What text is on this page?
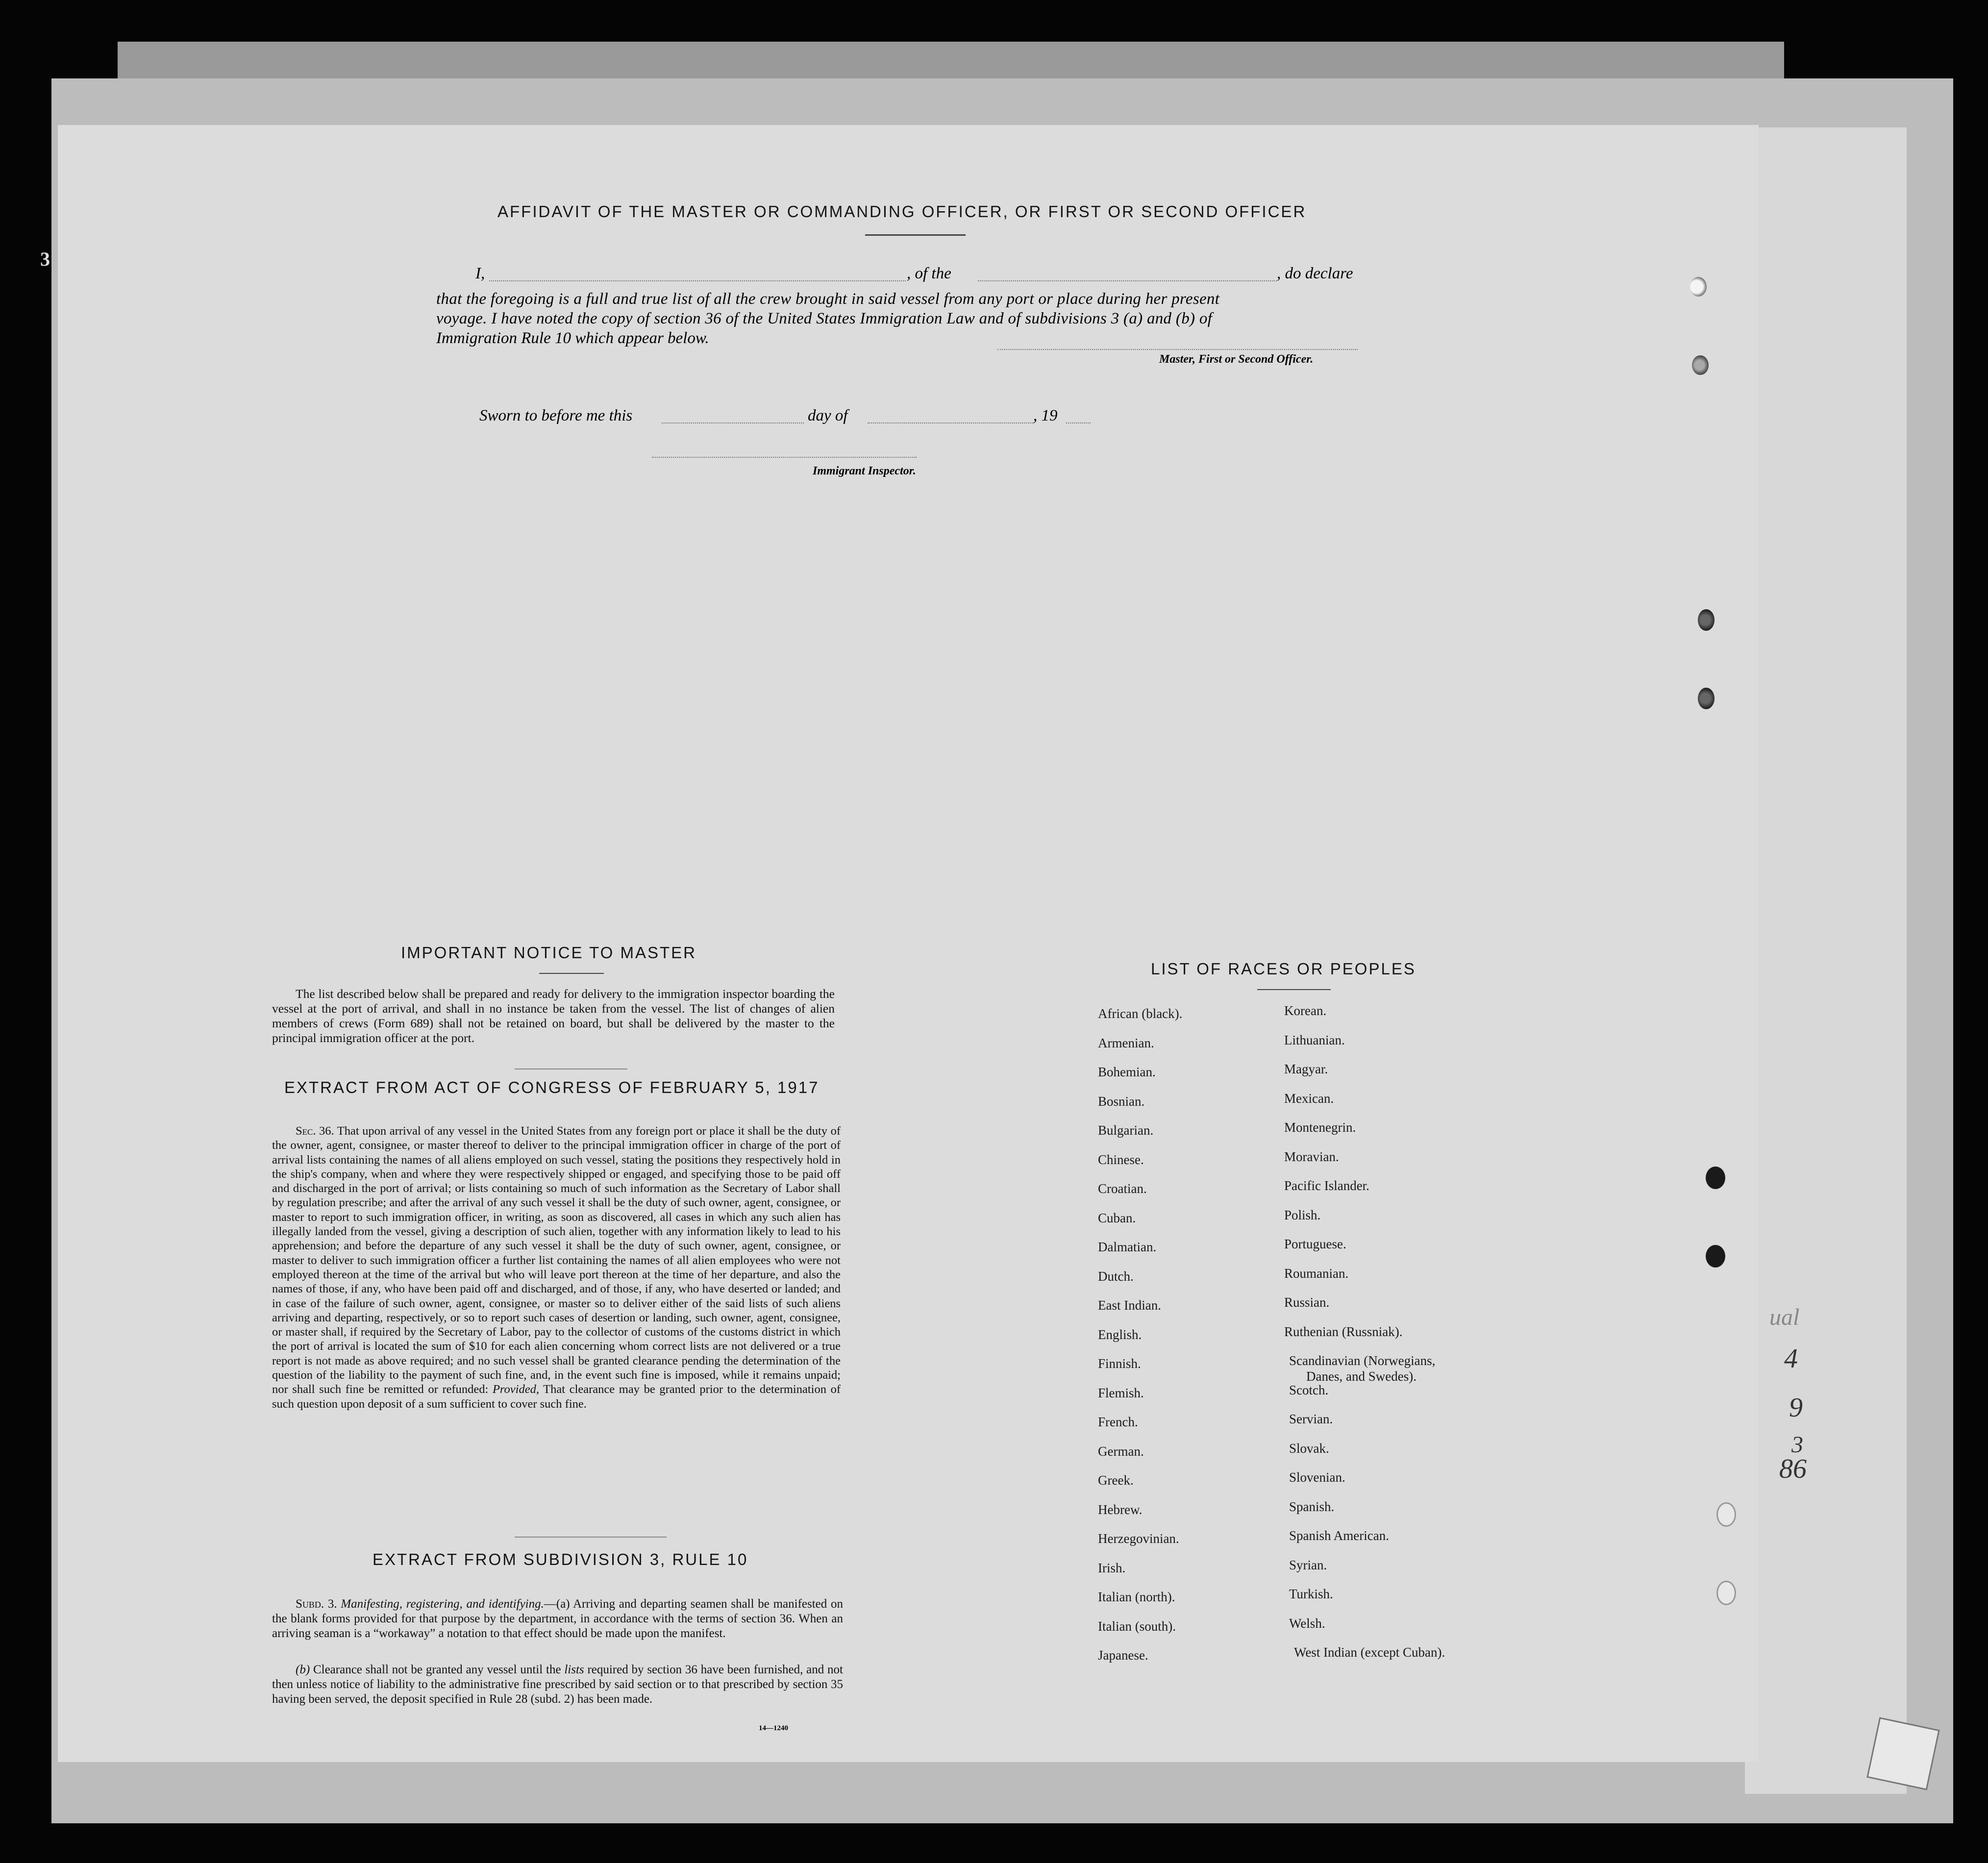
3
ual
4
9
3
86
AFFIDAVIT OF THE MASTER OR COMMANDING OFFICER, OR FIRST OR SECOND OFFICER
I,	, of the	, do declare
that the foregoing is a full and true list of all the crew brought in said vessel from any port or place during her present
voyage. I have noted the copy of section 36 of the United States Immigration Law and of subdivisions 3 (a) and (b) of
Immigration Rule 10 which appear below.
Master, First or Second Officer.
Sworn to before me this	day of	, 19
Immigrant Inspector.
IMPORTANT NOTICE TO MASTER
The list described below shall be prepared and ready for delivery to the immigration inspector boarding the vessel at the port of arrival, and shall in no instance be taken from the vessel. The list of changes of alien members of crews (Form 689) shall not be retained on board, but shall be delivered by the master to the principal immigration officer at the port.
EXTRACT FROM ACT OF CONGRESS OF FEBRUARY 5, 1917
Sec. 36. That upon arrival of any vessel in the United States from any foreign port or place it shall be the duty of the owner, agent, consignee, or master thereof to deliver to the principal immigration officer in charge of the port of arrival lists containing the names of all aliens employed on such vessel, stating the positions they respectively hold in the ship's company, when and where they were respectively shipped or engaged, and specifying those to be paid off and discharged in the port of arrival; or lists containing so much of such information as the Secretary of Labor shall by regulation prescribe; and after the arrival of any such vessel it shall be the duty of such owner, agent, consignee, or master to report to such immigration officer, in writing, as soon as discovered, all cases in which any such alien has illegally landed from the vessel, giving a description of such alien, together with any information likely to lead to his apprehension; and before the departure of any such vessel it shall be the duty of such owner, agent, consignee, or master to deliver to such immigration officer a further list containing the names of all alien employees who were not employed thereon at the time of the arrival but who will leave port thereon at the time of her departure, and also the names of those, if any, who have been paid off and discharged, and of those, if any, who have deserted or landed; and in case of the failure of such owner, agent, consignee, or master so to deliver either of the said lists of such aliens arriving and departing, respectively, or so to report such cases of desertion or landing, such owner, agent, consignee, or master shall, if required by the Secretary of Labor, pay to the collector of customs of the customs district in which the port of arrival is located the sum of $10 for each alien concerning whom correct lists are not delivered or a true report is not made as above required; and no such vessel shall be granted clearance pending the determination of the question of the liability to the payment of such fine, and, in the event such fine is imposed, while it remains unpaid; nor shall such fine be remitted or refunded: Provided, That clearance may be granted prior to the determination of such question upon deposit of a sum sufficient to cover such fine.
EXTRACT FROM SUBDIVISION 3, RULE 10
Subd. 3. Manifesting, registering, and identifying.—(a) Arriving and departing seamen shall be manifested on the blank forms provided for that purpose by the department, in accordance with the terms of section 36. When an arriving seaman is a “workaway” a notation to that effect should be made upon the manifest.
(b) Clearance shall not be granted any vessel until the lists required by section 36 have been furnished, and not then unless notice of liability to the administrative fine prescribed by said section or to that prescribed by section 35 having been served, the deposit specified in Rule 28 (subd. 2) has been made.
14—1240
LIST OF RACES OR PEOPLES
African (black).
Armenian.
Bohemian.
Bosnian.
Bulgarian.
Chinese.
Croatian.
Cuban.
Dalmatian.
Dutch.
East Indian.
English.
Finnish.
Flemish.
French.
German.
Greek.
Hebrew.
Herzegovinian.
Irish.
Italian (north).
Italian (south).
Japanese.
Korean.
Lithuanian.
Magyar.
Mexican.
Montenegrin.
Moravian.
Pacific Islander.
Polish.
Portuguese.
Roumanian.
Russian.
Ruthenian (Russniak).
Scandinavian (Norwegians,
Scotch.
Servian.
Slovak.
Slovenian.
Spanish.
Spanish American.
Syrian.
Turkish.
Welsh.
West Indian (except Cuban).
Danes, and Swedes).
